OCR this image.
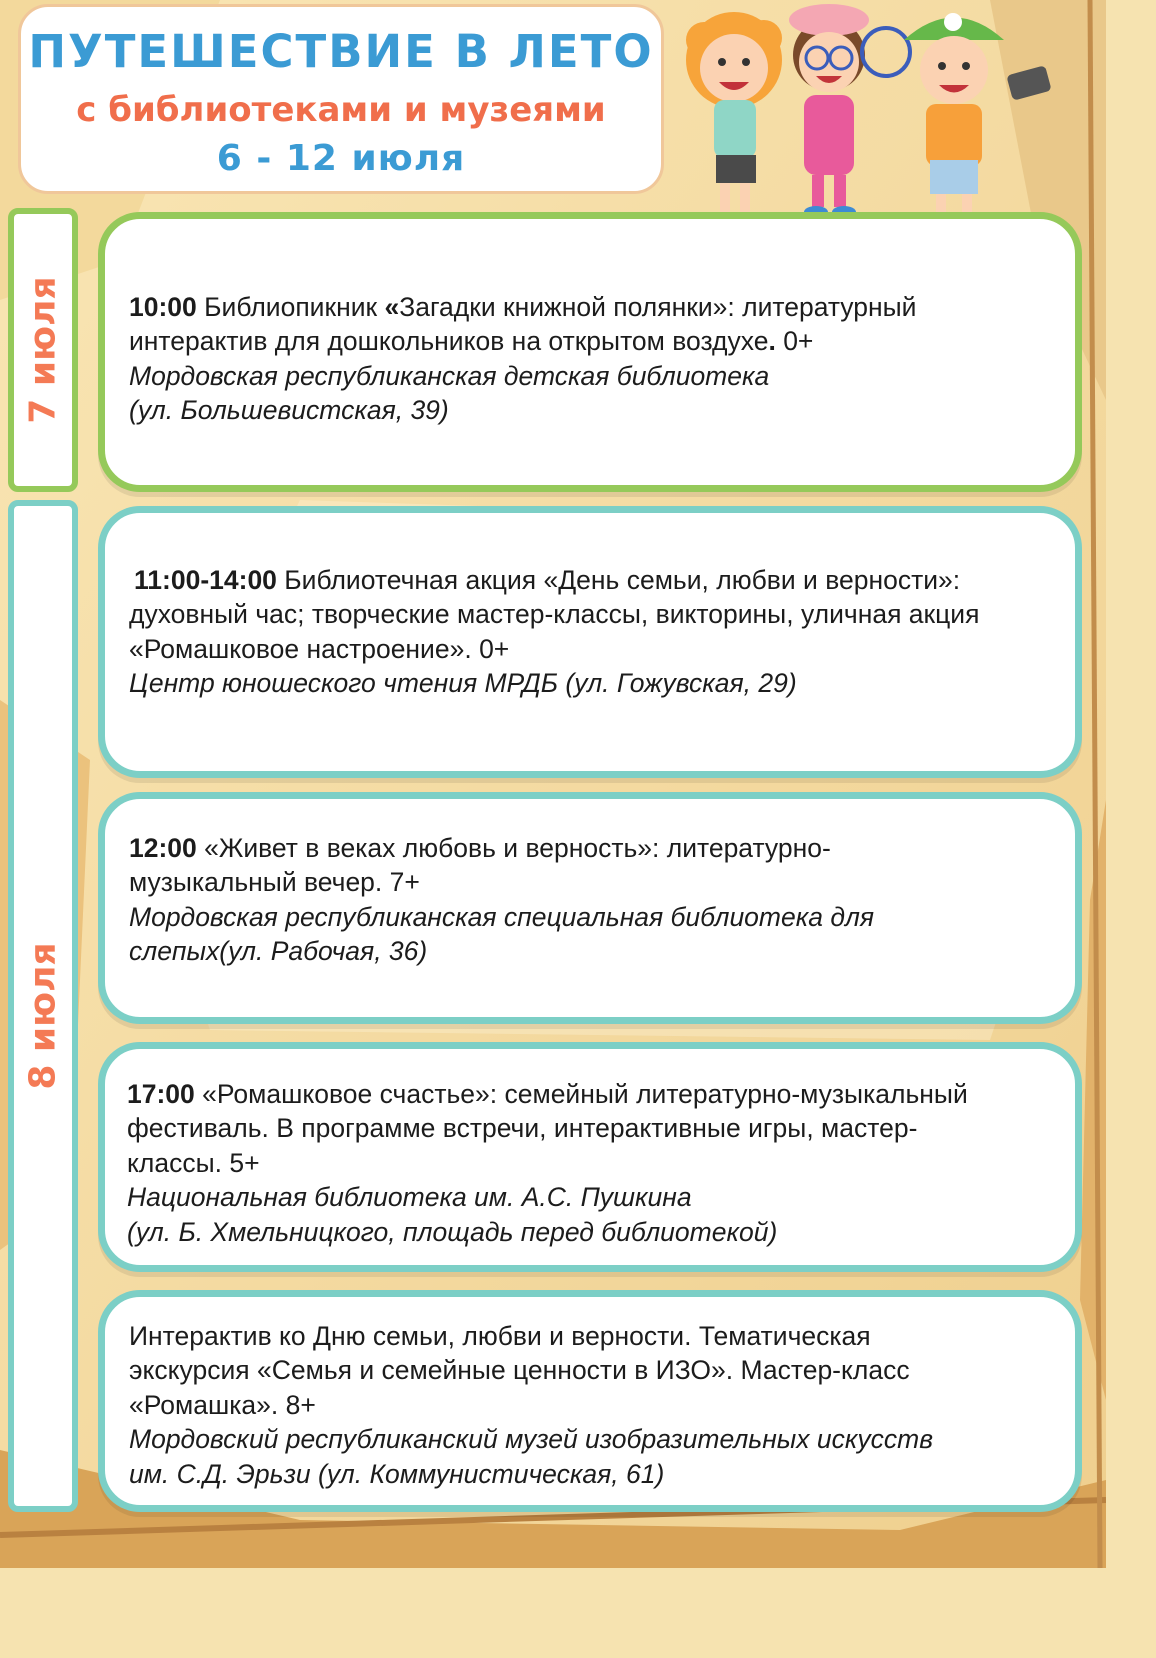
ПУТЕШЕСТВИЕ В ЛЕТО
с библиотеками и музеями
6 - 12 июля
7 июля
8 июля
10:00 Библиопикник «Загадки книжной полянки»: литературный
интерактив для дошкольников на открытом воздухе. 0+
Мордовская республиканская детская библиотека
(ул. Большевистская, 39)
11:00-14:00 Библиотечная акция «День семьи, любви и верности»:
духовный час; творческие мастер-классы, викторины, уличная акция
«Ромашковое настроение». 0+
Центр юношеского чтения МРДБ (ул. Гожувская, 29)
12:00 «Живет в веках любовь и верность»: литературно-
музыкальный вечер. 7+
Мордовская республиканская специальная библиотека для
слепых(ул. Рабочая, 36)
17:00 «Ромашковое счастье»: семейный литературно-музыкальный
фестиваль. В программе встречи, интерактивные игры, мастер-
классы. 5+
Национальная библиотека им. А.С. Пушкина
(ул. Б. Хмельницкого, площадь перед библиотекой)
Интерактив ко Дню семьи, любви и верности. Тематическая
экскурсия «Семья и семейные ценности в ИЗО». Мастер-класс
«Ромашка». 8+
Мордовский республиканский музей изобразительных искусств
им. С.Д. Эрьзи (ул. Коммунистическая, 61)
